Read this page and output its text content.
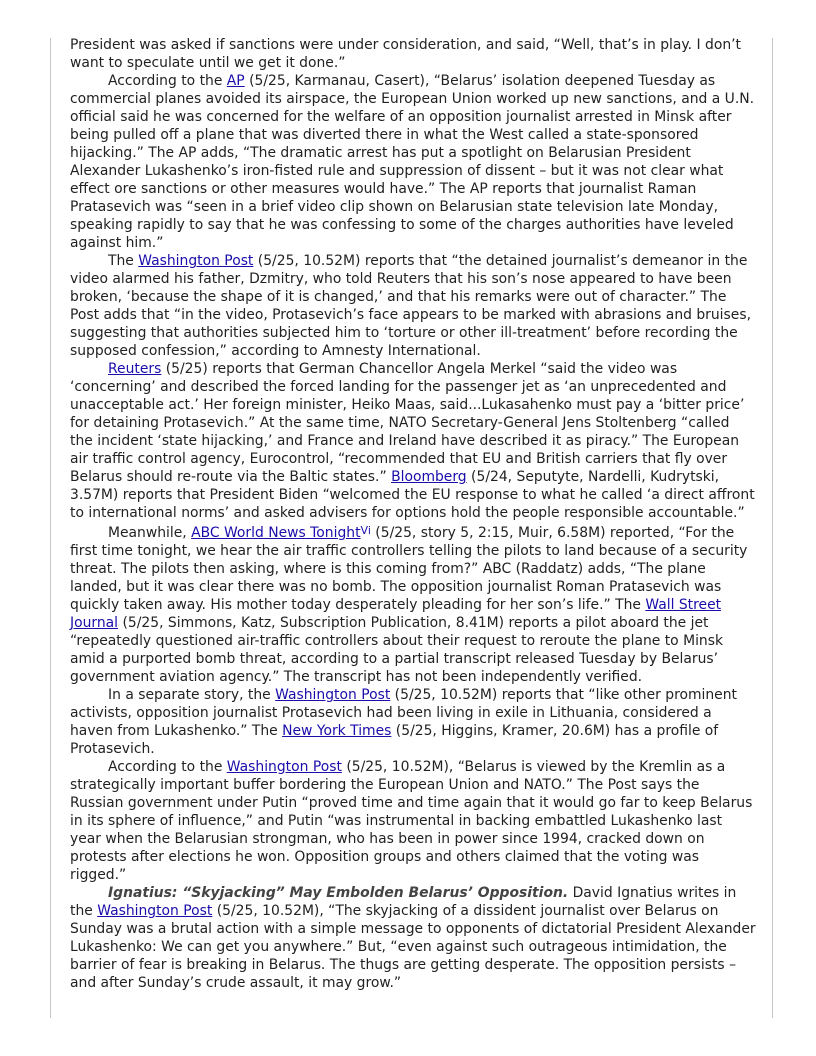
President was asked if sanctions were under consideration, and said, “Well, that’s in play. I don’t want to speculate until we get it done.”

According to the AP (5/25, Karmanau, Casert), “Belarus’ isolation deepened Tuesday as commercial planes avoided its airspace, the European Union worked up new sanctions, and a U.N. official said he was concerned for the welfare of an opposition journalist arrested in Minsk after being pulled off a plane that was diverted there in what the West called a state-sponsored hijacking.” The AP adds, “The dramatic arrest has put a spotlight on Belarusian President Alexander Lukashenko’s iron-fisted rule and suppression of dissent – but it was not clear what effect ore sanctions or other measures would have.” The AP reports that journalist Raman Pratasevich was “seen in a brief video clip shown on Belarusian state television late Monday, speaking rapidly to say that he was confessing to some of the charges authorities have leveled against him.”

The Washington Post (5/25, 10.52M) reports that “the detained journalist’s demeanor in the video alarmed his father, Dzmitry, who told Reuters that his son’s nose appeared to have been broken, ‘because the shape of it is changed,’ and that his remarks were out of character.” The Post adds that “in the video, Protasevich’s face appears to be marked with abrasions and bruises, suggesting that authorities subjected him to ‘torture or other ill-treatment’ before recording the supposed confession,” according to Amnesty International.

Reuters (5/25) reports that German Chancellor Angela Merkel “said the video was ‘concerning’ and described the forced landing for the passenger jet as ‘an unprecedented and unacceptable act.’ Her foreign minister, Heiko Maas, said...Lukasahenko must pay a ‘bitter price’ for detaining Protasevich.” At the same time, NATO Secretary-General Jens Stoltenberg “called the incident ‘state hijacking,’ and France and Ireland have described it as piracy.” The European air traffic control agency, Eurocontrol, “recommended that EU and British carriers that fly over Belarus should re-route via the Baltic states.” Bloomberg (5/24, Seputyte, Nardelli, Kudrytski, 3.57M) reports that President Biden “welcomed the EU response to what he called ‘a direct affront to international norms’ and asked advisers for options hold the people responsible accountable.”

Meanwhile, ABC World News Tonight$^{Vi}$ (5/25, story 5, 2:15, Muir, 6.58M) reported, “For the first time tonight, we hear the air traffic controllers telling the pilots to land because of a security threat. The pilots then asking, where is this coming from?” ABC (Raddatz) adds, “The plane landed, but it was clear there was no bomb. The opposition journalist Roman Pratasevich was quickly taken away. His mother today desperately pleading for her son’s life.” The Wall Street Journal (5/25, Simmons, Katz, Subscription Publication, 8.41M) reports a pilot aboard the jet “repeatedly questioned air-traffic controllers about their request to reroute the plane to Minsk amid a purported bomb threat, according to a partial transcript released Tuesday by Belarus’ government aviation agency.” The transcript has not been independently verified.

In a separate story, the Washington Post (5/25, 10.52M) reports that “like other prominent activists, opposition journalist Protasevich had been living in exile in Lithuania, considered a haven from Lukashenko.” The New York Times (5/25, Higgins, Kramer, 20.6M) has a profile of Protasevich.

According to the Washington Post (5/25, 10.52M), “Belarus is viewed by the Kremlin as a strategically important buffer bordering the European Union and NATO.” The Post says the Russian government under Putin “proved time and time again that it would go far to keep Belarus in its sphere of influence,” and Putin “was instrumental in backing embattled Lukashenko last year when the Belarusian strongman, who has been in power since 1994, cracked down on protests after elections he won. Opposition groups and others claimed that the voting was rigged.”

Ignatius: “Skyjacking” May Embolden Belarus’ Opposition. David Ignatius writes in the Washington Post (5/25, 10.52M), “The skyjacking of a dissident journalist over Belarus on Sunday was a brutal action with a simple message to opponents of dictatorial President Alexander Lukashenko: We can get you anywhere.” But, “even against such outrageous intimidation, the barrier of fear is breaking in Belarus. The thugs are getting desperate. The opposition persists – and after Sunday’s crude assault, it may grow.”
